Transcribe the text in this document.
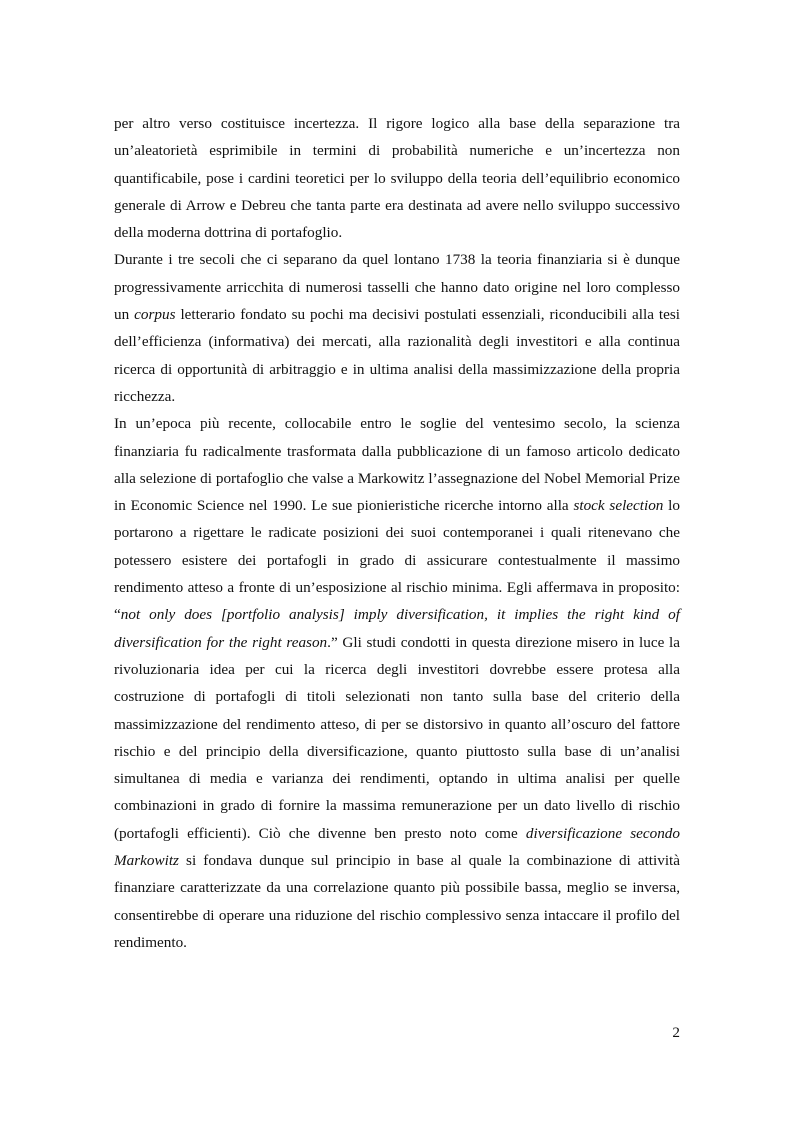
per altro verso costituisce incertezza. Il rigore logico alla base della separazione tra un’aleatorietà esprimibile in termini di probabilità numeriche e un’incertezza non quantificabile, pose i cardini teoretici per lo sviluppo della teoria dell’equilibrio economico generale di Arrow e Debreu che tanta parte era destinata ad avere nello sviluppo successivo della moderna dottrina di portafoglio.

Durante i tre secoli che ci separano da quel lontano 1738 la teoria finanziaria si è dunque progressivamente arricchita di numerosi tasselli che hanno dato origine nel loro complesso un corpus letterario fondato su pochi ma decisivi postulati essenziali, riconducibili alla tesi dell’efficienza (informativa) dei mercati, alla razionalità degli investitori e alla continua ricerca di opportunità di arbitraggio e in ultima analisi della massimizzazione della propria ricchezza.

In un’epoca più recente, collocabile entro le soglie del ventesimo secolo, la scienza finanziaria fu radicalmente trasformata dalla pubblicazione di un famoso articolo dedicato alla selezione di portafoglio che valse a Markowitz l’assegnazione del Nobel Memorial Prize in Economic Science nel 1990. Le sue pionieristiche ricerche intorno alla stock selection lo portarono a rigettare le radicate posizioni dei suoi contemporanei i quali ritenevano che potessero esistere dei portafogli in grado di assicurare contestualmente il massimo rendimento atteso a fronte di un’esposizione al rischio minima. Egli affermava in proposito: “not only does [portfolio analysis] imply diversification, it implies the right kind of diversification for the right reason.” Gli studi condotti in questa direzione misero in luce la rivoluzionaria idea per cui la ricerca degli investitori dovrebbe essere protesa alla costruzione di portafogli di titoli selezionati non tanto sulla base del criterio della massimizzazione del rendimento atteso, di per se distorsivo in quanto all’oscuro del fattore rischio e del principio della diversificazione, quanto piuttosto sulla base di un’analisi simultanea di media e varianza dei rendimenti, optando in ultima analisi per quelle combinazioni in grado di fornire la massima remunerazione per un dato livello di rischio (portafogli efficienti). Ciò che divenne ben presto noto come diversificazione secondo Markowitz si fondava dunque sul principio in base al quale la combinazione di attività finanziare caratterizzate da una correlazione quanto più possibile bassa, meglio se inversa, consentirebbe di operare una riduzione del rischio complessivo senza intaccare il profilo del rendimento.

2
